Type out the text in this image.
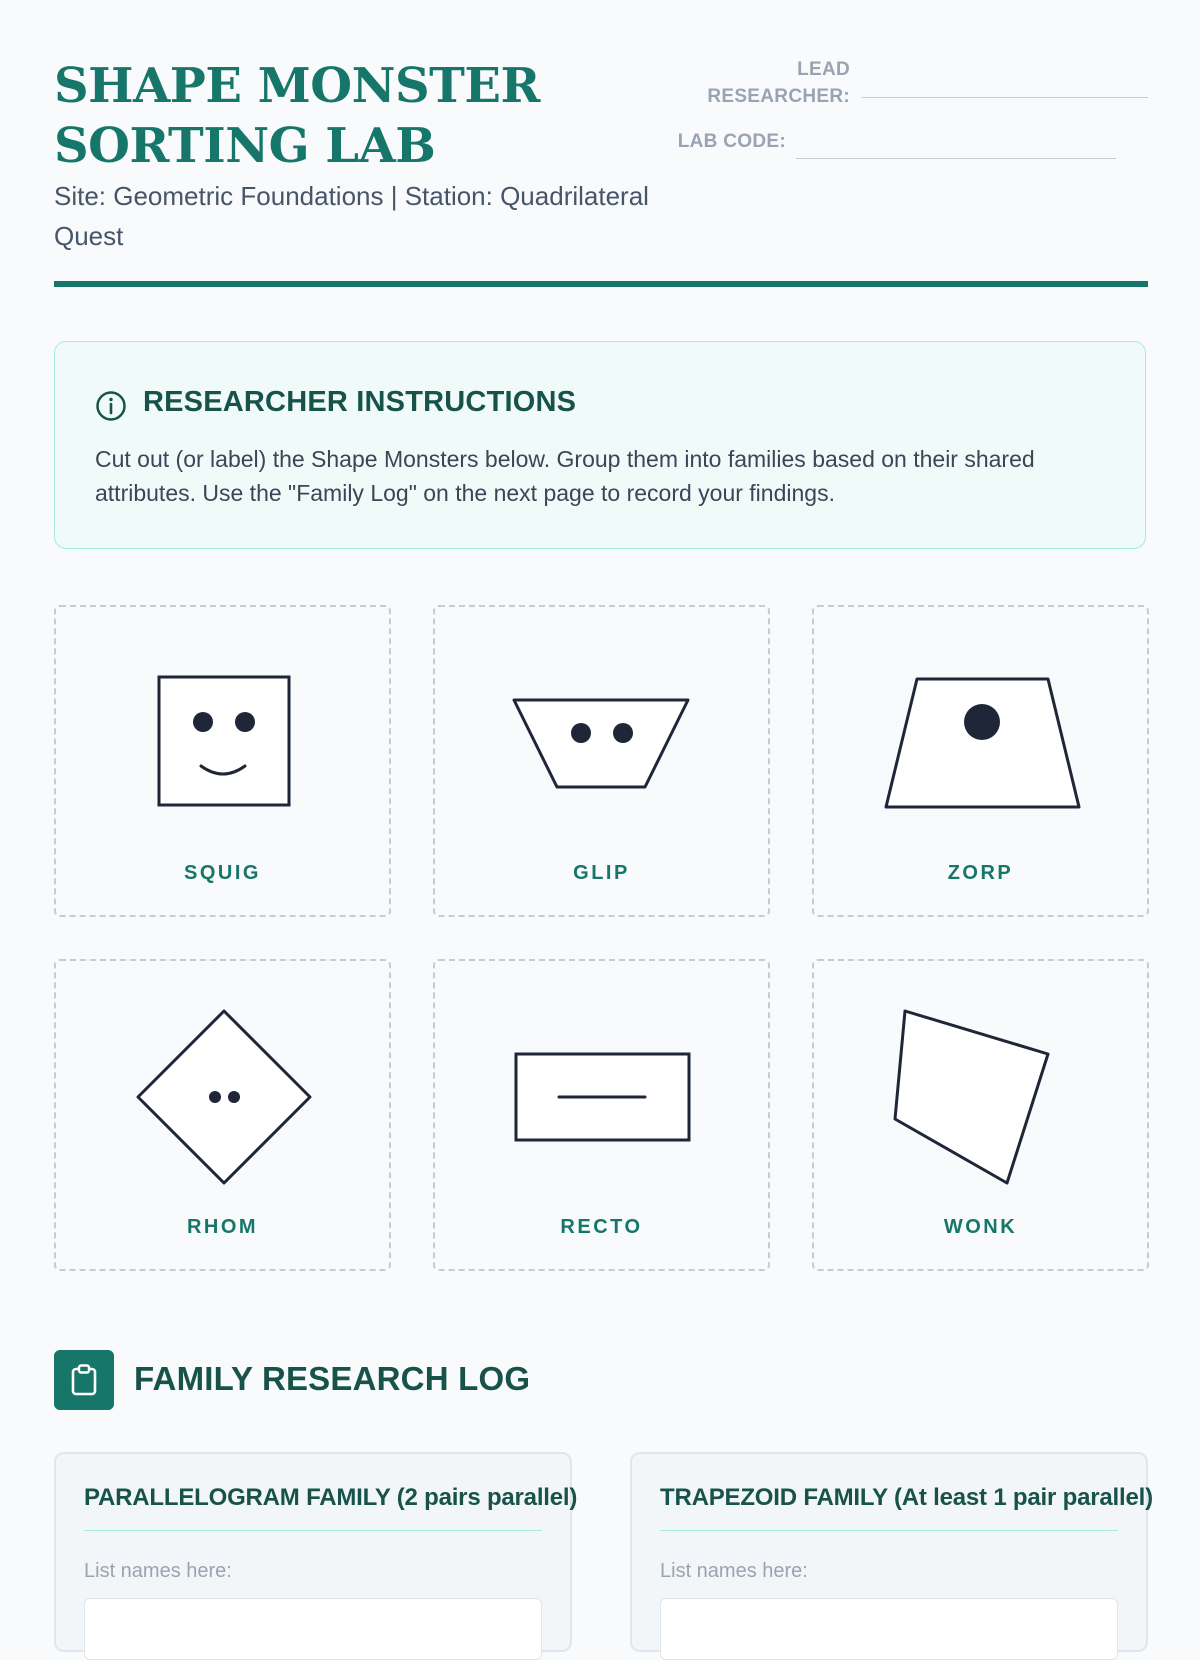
SHAPE MONSTER SORTING LAB
Site: Geometric Foundations | Station: Quadrilateral Quest
LEAD RESEARCHER:
LAB CODE:
RESEARCHER INSTRUCTIONS
Cut out (or label) the Shape Monsters below. Group them into families based on their shared attributes. Use the "Family Log" on the next page to record your findings.
SQUIG	GLIP	ZORP
RHOM	RECTO	WONK
FAMILY RESEARCH LOG
PARALLELOGRAM FAMILY (2 pairs parallel)
List names here:
TRAPEZOID FAMILY (At least 1 pair parallel)
List names here:
